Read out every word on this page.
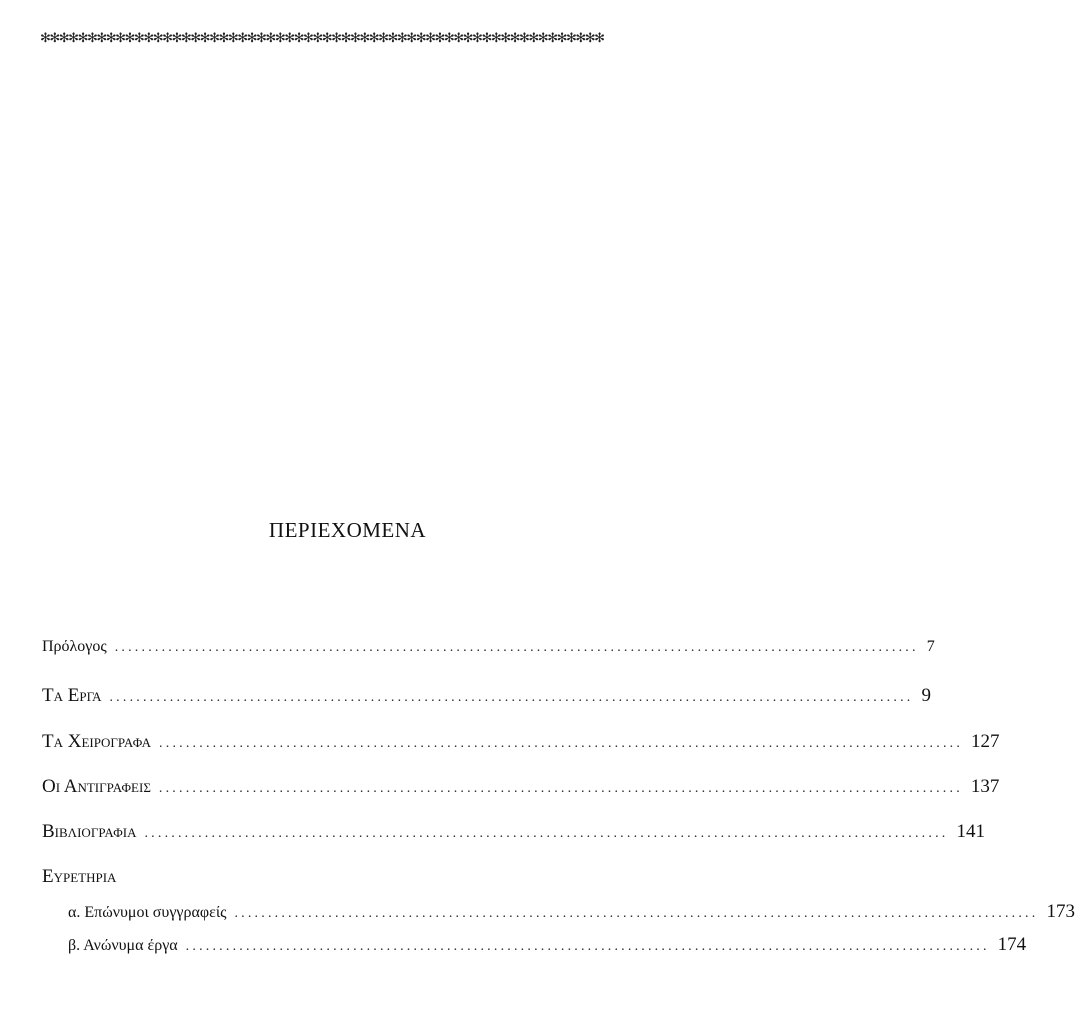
✻✻✻✻✻✻✻✻✻✻✻✻✻✻✻✻✻✻✻✻✻✻✻✻✻✻✻✻✻✻✻✻✻✻✻✻✻✻✻✻✻✻✻✻✻✻✻✻✻✻✻✻✻✻✻✻✻✻✻✻
ΠΕΡΙΕΧΟΜΕΝΑ
Πρόλογος ........................................................................................................................ 7
Τα Εργα ........................................................................................................................ 9
Τα Χειρογραφα ........................................................................................................................ 127
Οι Αντιγραφεισ ........................................................................................................................ 137
Βιβλιογραφια ........................................................................................................................ 141
Ευρετηρια
α. Επώνυμοι συγγραφείς ........................................................................................................................ 173
β. Ανώνυμα έργα ........................................................................................................................ 174
